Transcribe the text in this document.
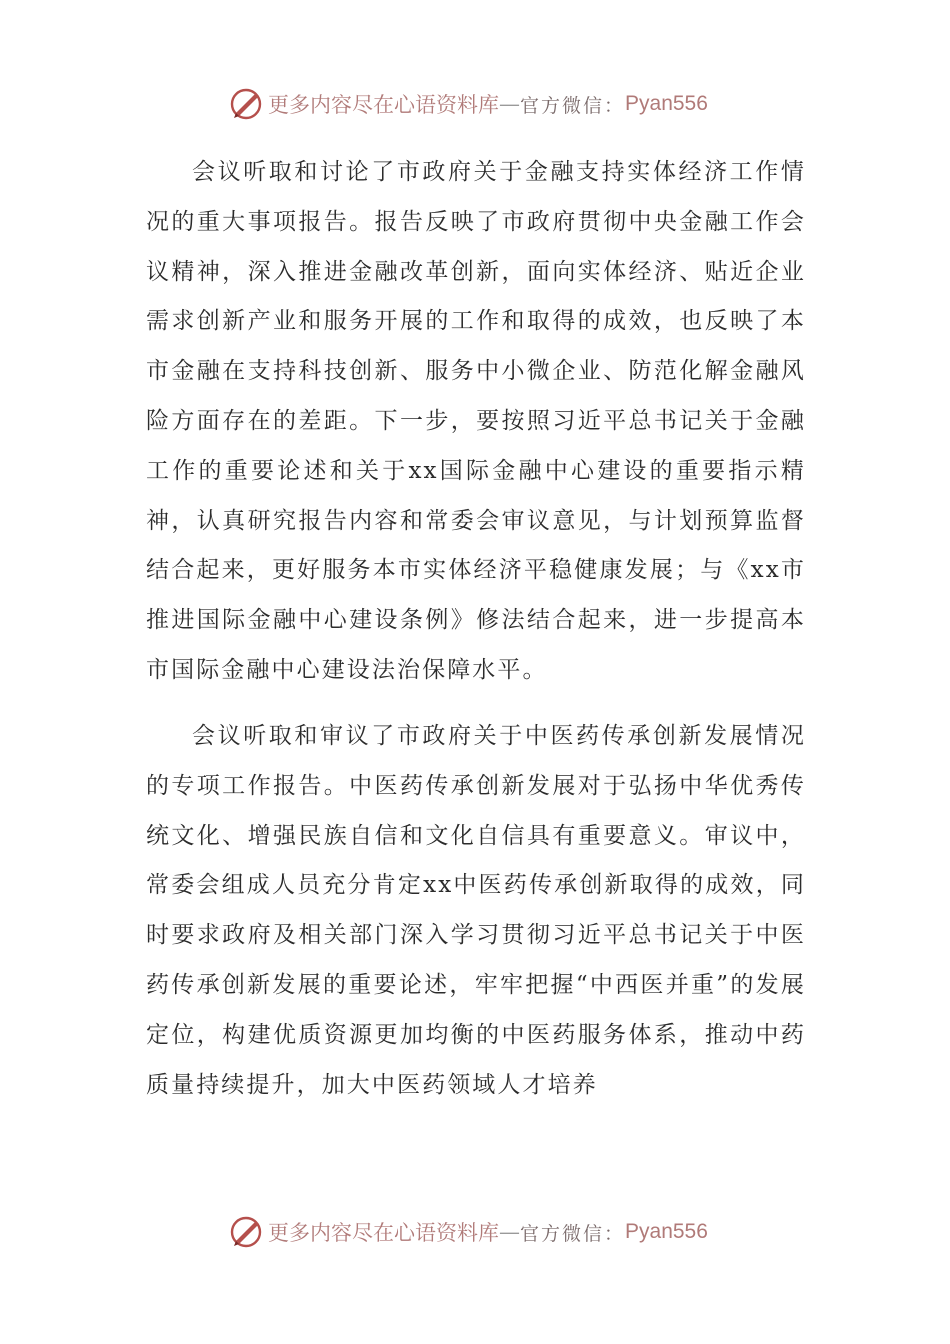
更多内容尽在心语资料库 — 官方微信： Pyan556

会议听取和讨论了市政府关于金融支持实体经济工作情况的重大事项报告。报告反映了市政府贯彻中央金融工作会议精神，深入推进金融改革创新，面向实体经济、贴近企业需求创新产业和服务开展的工作和取得的成效，也反映了本市金融在支持科技创新、服务中小微企业、防范化解金融风险方面存在的差距。下一步，要按照习近平总书记关于金融工作的重要论述和关于xx国际金融中心建设的重要指示精神，认真研究报告内容和常委会审议意见，与计划预算监督结合起来，更好服务本市实体经济平稳健康发展；与《xx市推进国际金融中心建设条例》修法结合起来，进一步提高本市国际金融中心建设法治保障水平。

会议听取和审议了市政府关于中医药传承创新发展情况的专项工作报告。中医药传承创新发展对于弘扬中华优秀传统文化、增强民族自信和文化自信具有重要意义。审议中，常委会组成人员充分肯定xx中医药传承创新取得的成效，同时要求政府及相关部门深入学习贯彻习近平总书记关于中医药传承创新发展的重要论述，牢牢把握“中西医并重”的发展定位，构建优质资源更加均衡的中医药服务体系，推动中药质量持续提升，加大中医药领域人才培养

更多内容尽在心语资料库 — 官方微信： Pyan556
